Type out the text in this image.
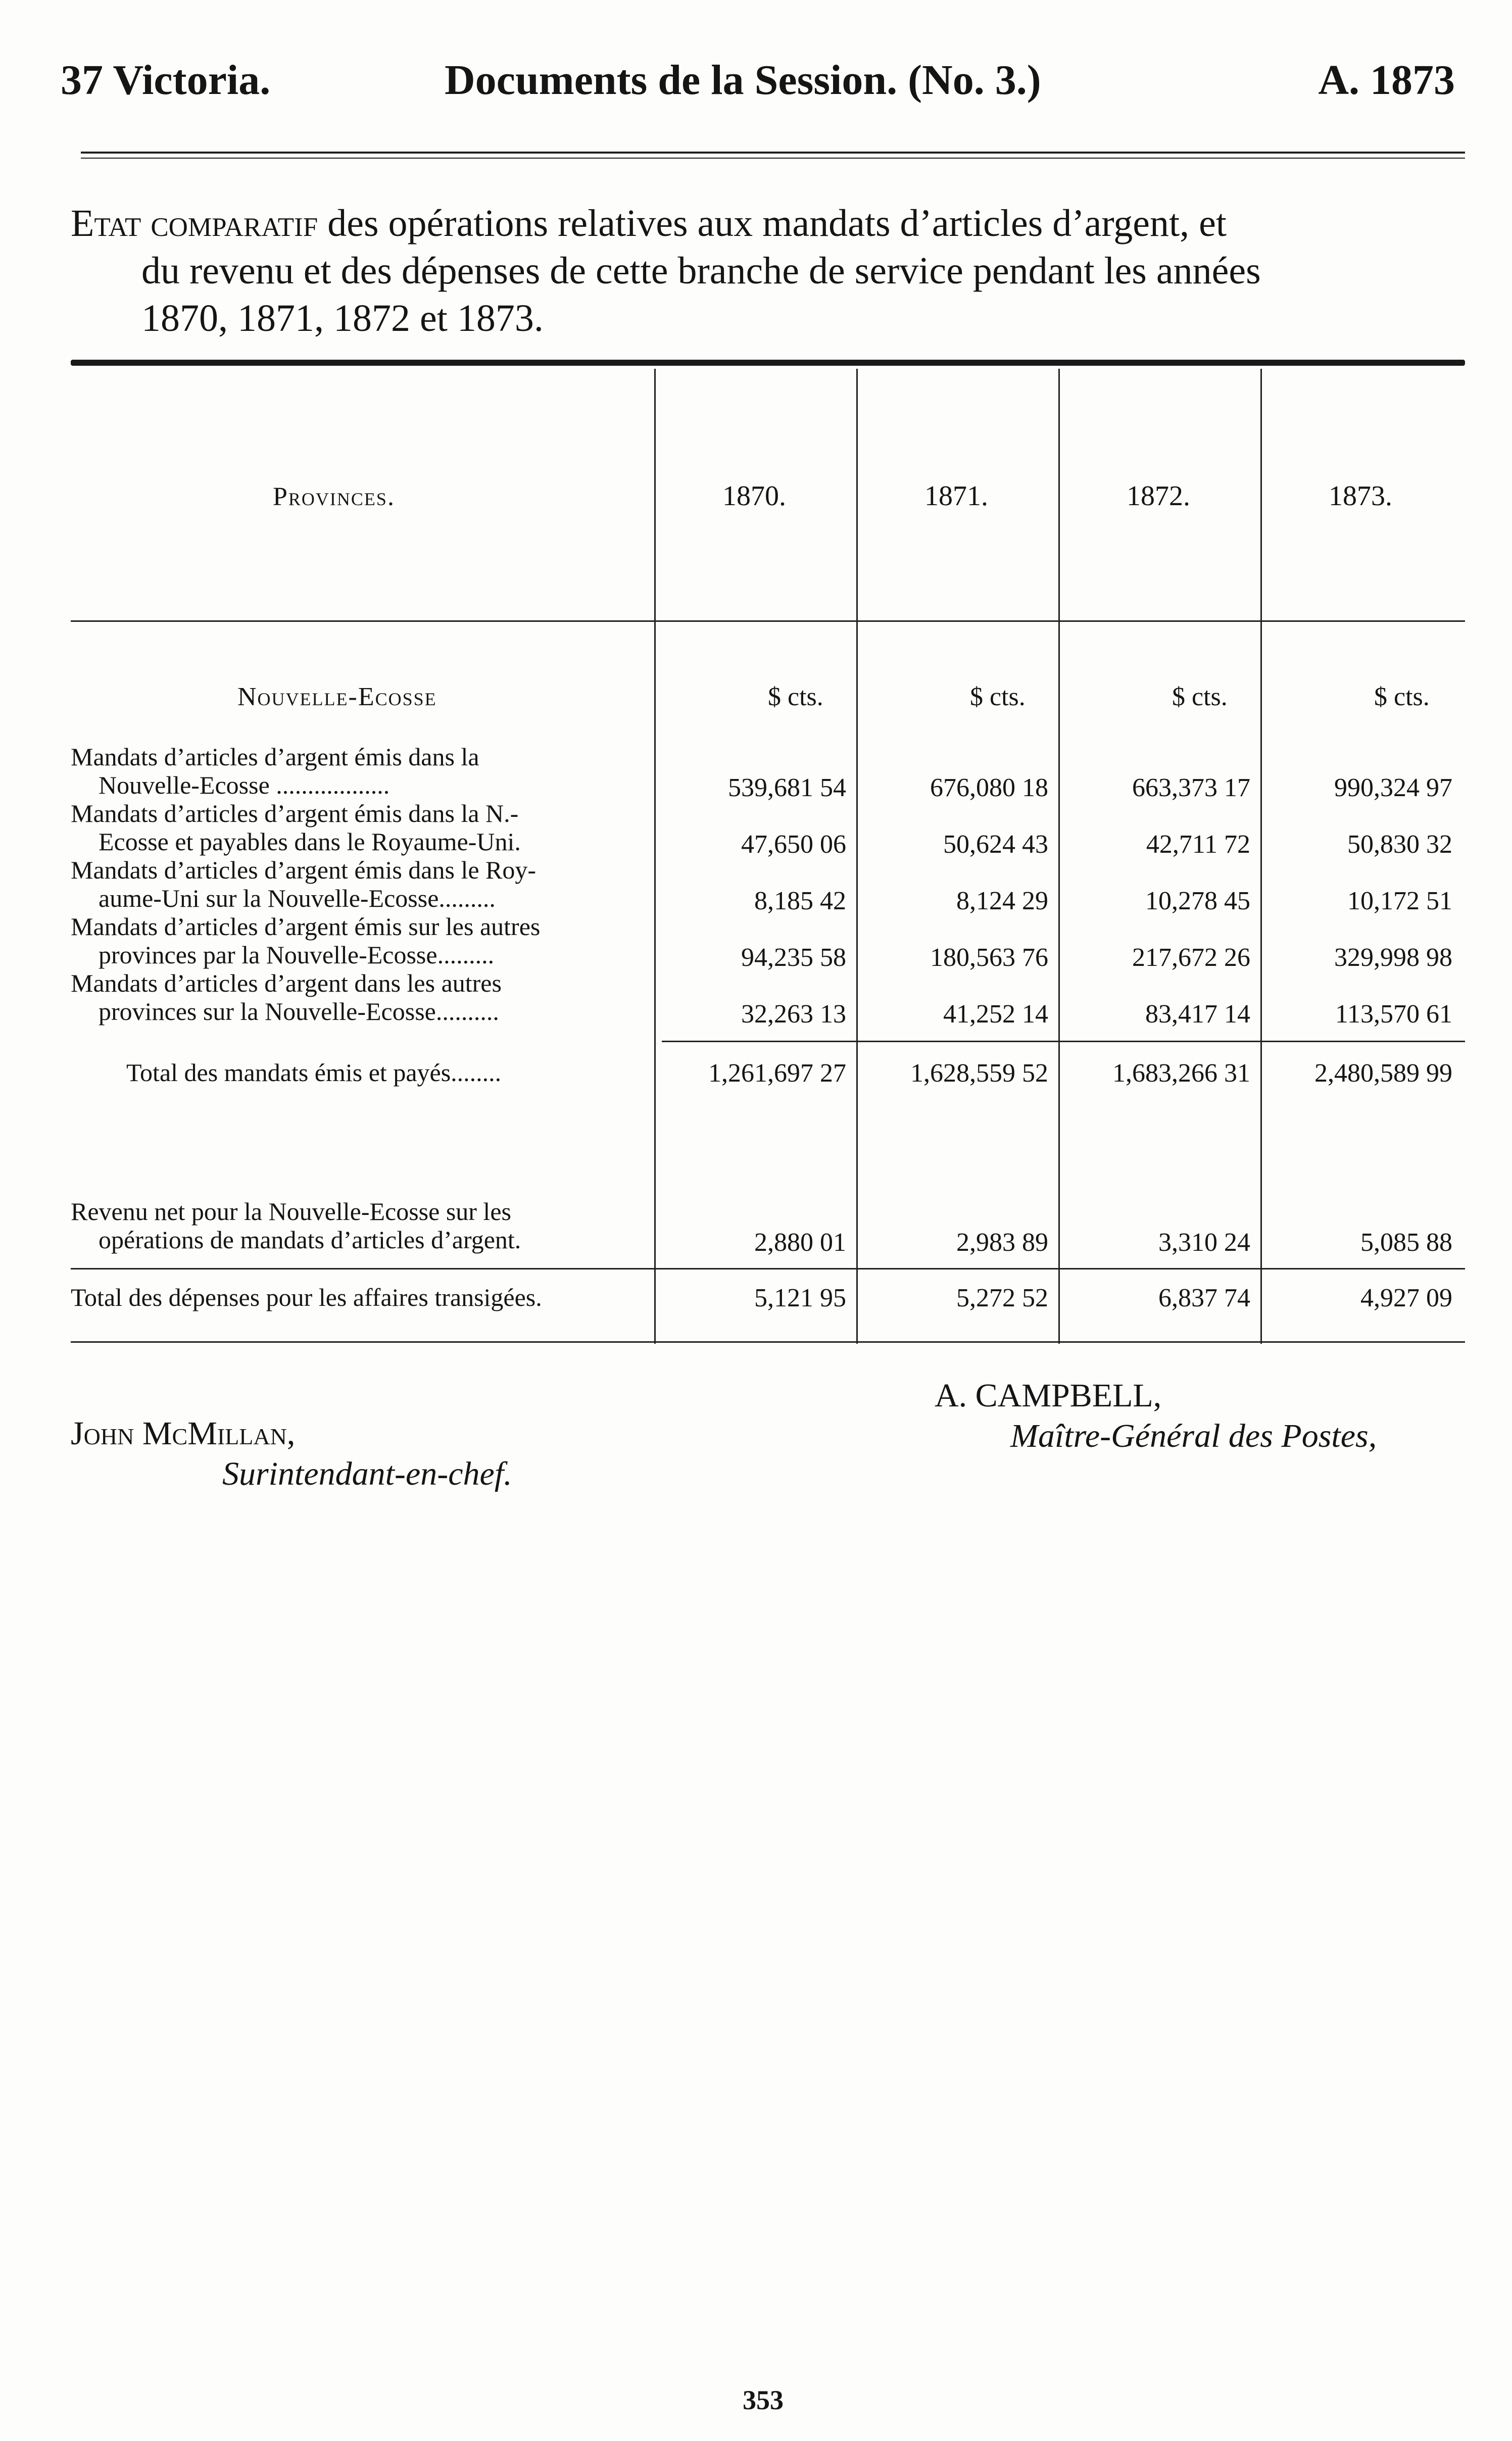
37 Victoria.	Documents de la Session. (No. 3.)	A. 1873
Etat comparatif des opérations relatives aux mandats d’articles d’argent, et
du revenu et des dépenses de cette branche de service pendant les années
1870, 1871, 1872 et 1873.
Provinces.	1870.	1871.	1872.	1873.
Nouvelle-Ecosse	$ cts.	$ cts.	$ cts.	$ cts.
Mandats d’articles d’argent émis dans la
Nouvelle-Ecosse ..................	539,681 54	676,080 18	663,373 17	990,324 97
Mandats d’articles d’argent émis dans la N.-
Ecosse et payables dans le Royaume-Uni.	47,650 06	50,624 43	42,711 72	50,830 32
Mandats d’articles d’argent émis dans le Roy-
aume-Uni sur la Nouvelle-Ecosse.........	8,185 42	8,124 29	10,278 45	10,172 51
Mandats d’articles d’argent émis sur les autres
provinces par la Nouvelle-Ecosse.........	94,235 58	180,563 76	217,672 26	329,998 98
Mandats d’articles d’argent dans les autres
provinces sur la Nouvelle-Ecosse..........	32,263 13	41,252 14	83,417 14	113,570 61
Total des mandats émis et payés........	1,261,697 27 1,628,559 52 1,683,266 31 2,480,589 99
Revenu net pour la Nouvelle-Ecosse sur les
opérations de mandats d’articles d’argent.	2,880 01	2,983 89	3,310 24	5,085 88
Total des dépenses pour les affaires transigées.	5,121 95	5,272 52	6,837 74	4,927 09
A. CAMPBELL,
Maître-Général des Postes,
John McMillan,
Surintendant-en-chef.
353
